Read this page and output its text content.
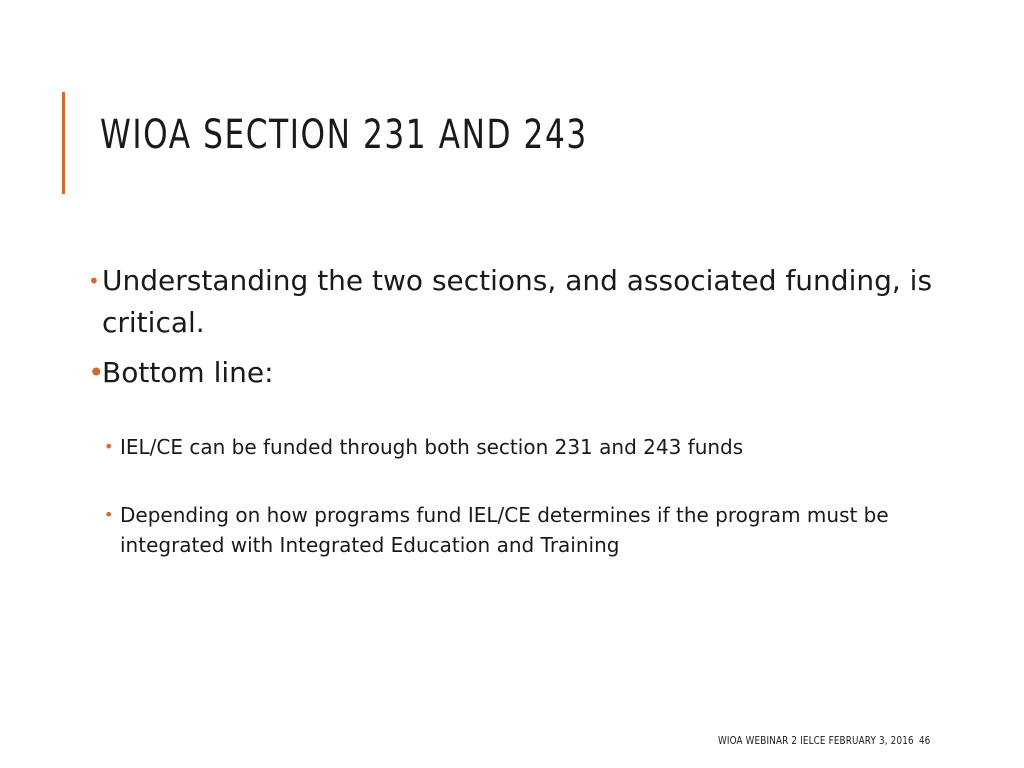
WIOA SECTION 231 AND 243
• Understanding the two sections, and associated funding, is critical.
•
Bottom line:
• IEL/CE can be funded through both section 231 and 243 funds
• Depending on how programs fund IEL/CE determines if the program must be integrated with Integrated Education and Training
WIOA WEBINAR 2 IELCE FEBRUARY 3, 2016 46
